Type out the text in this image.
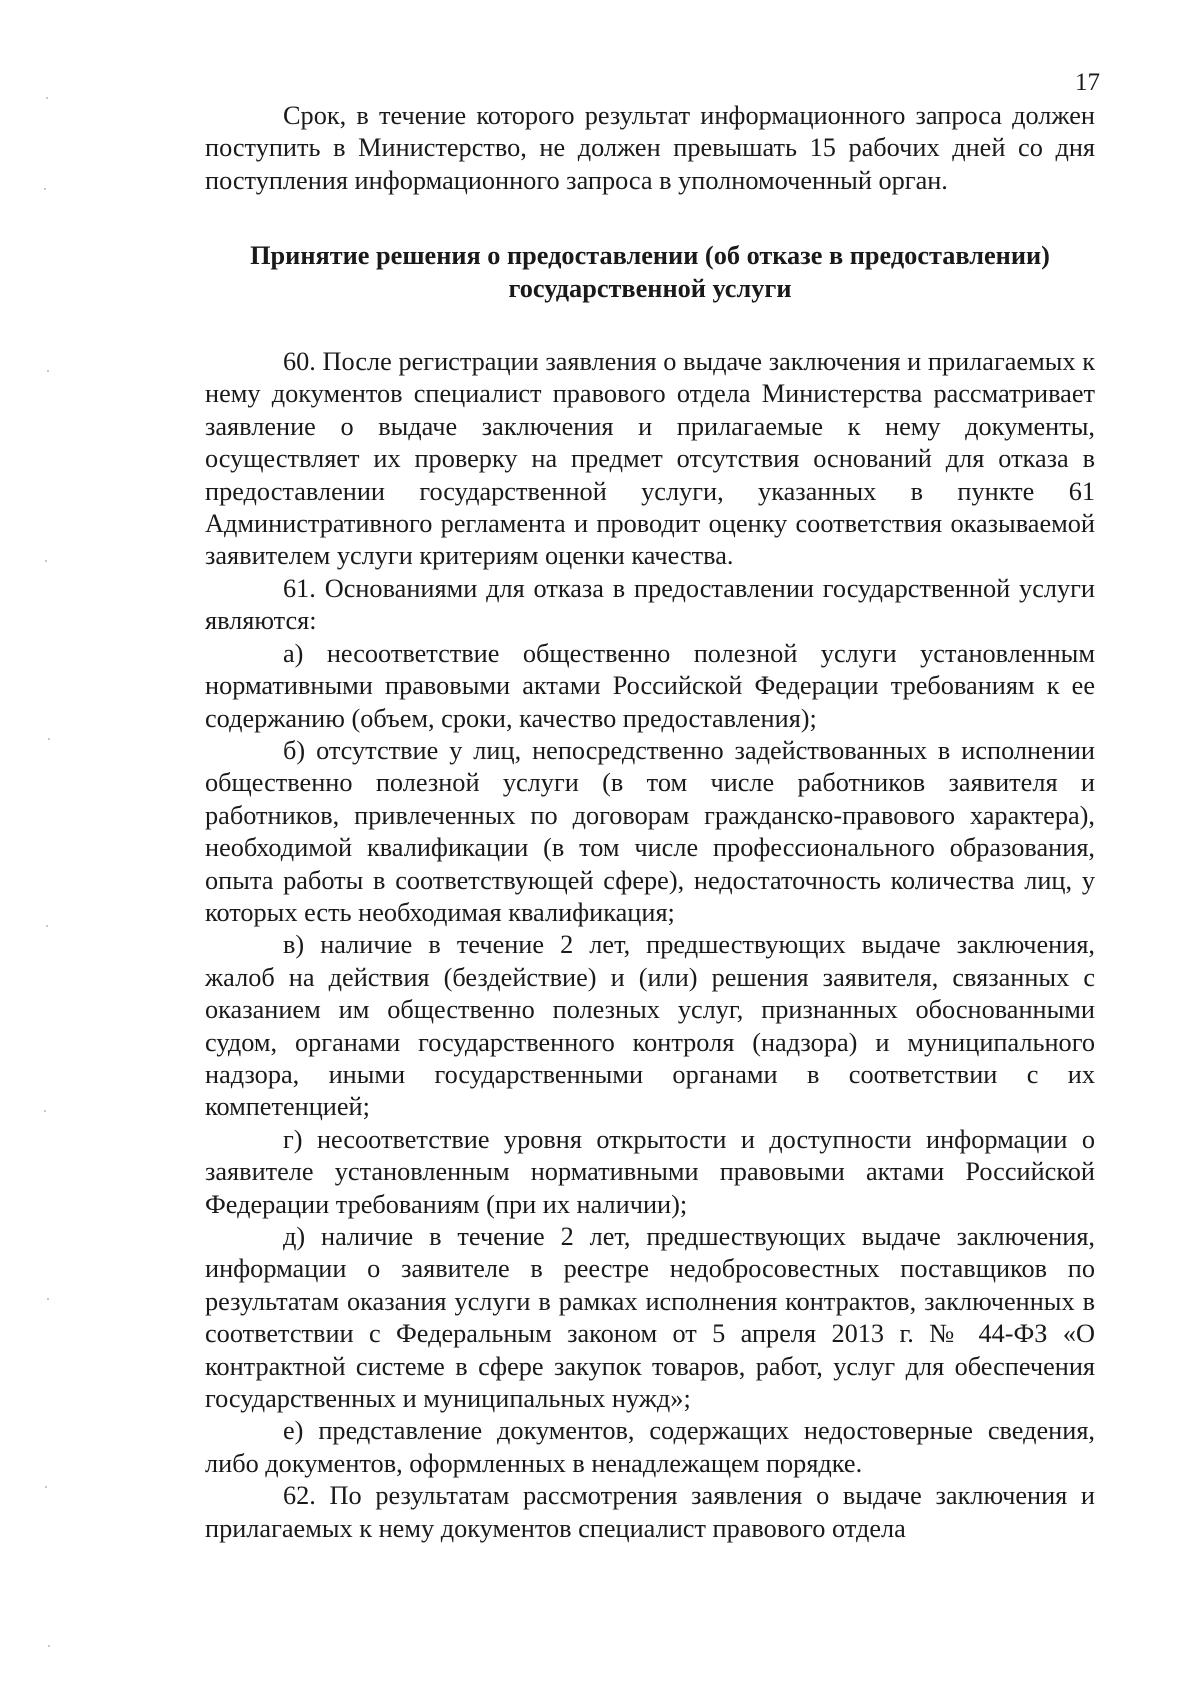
17

Срок, в течение которого результат информационного запроса должен поступить в Министерство, не должен превышать 15 рабочих дней со дня поступления информационного запроса в уполномоченный орган.

Принятие решения о предоставлении (об отказе в предоставлении)
государственной услуги

60. После регистрации заявления о выдаче заключения и прилагаемых к нему документов специалист правового отдела Министерства рассматривает заявление о выдаче заключения и прилагаемые к нему документы, осуществляет их проверку на предмет отсутствия оснований для отказа в предоставлении государственной услуги, указанных в пункте 61 Административного регламента и проводит оценку соответствия оказываемой заявителем услуги критериям оценки качества.

61. Основаниями для отказа в предоставлении государственной услуги являются:

а) несоответствие общественно полезной услуги установленным нормативными правовыми актами Российской Федерации требованиям к ее содержанию (объем, сроки, качество предоставления);

б) отсутствие у лиц, непосредственно задействованных в исполнении общественно полезной услуги (в том числе работников заявителя и работников, привлеченных по договорам гражданско-правового характера), необходимой квалификации (в том числе профессионального образования, опыта работы в соответствующей сфере), недостаточность количества лиц, у которых есть необходимая квалификация;

в) наличие в течение 2 лет, предшествующих выдаче заключения, жалоб на действия (бездействие) и (или) решения заявителя, связанных с оказанием им общественно полезных услуг, признанных обоснованными судом, органами государственного контроля (надзора) и муниципального надзора, иными государственными органами в соответствии с их компетенцией;

г) несоответствие уровня открытости и доступности информации о заявителе установленным нормативными правовыми актами Российской Федерации требованиям (при их наличии);

д) наличие в течение 2 лет, предшествующих выдаче заключения, информации о заявителе в реестре недобросовестных поставщиков по результатам оказания услуги в рамках исполнения контрактов, заключенных в соответствии с Федеральным законом от 5 апреля 2013 г. № 44-ФЗ «О контрактной системе в сфере закупок товаров, работ, услуг для обеспечения государственных и муниципальных нужд»;

е) представление документов, содержащих недостоверные сведения, либо документов, оформленных в ненадлежащем порядке.

62. По результатам рассмотрения заявления о выдаче заключения и прилагаемых к нему документов специалист правового отдела
